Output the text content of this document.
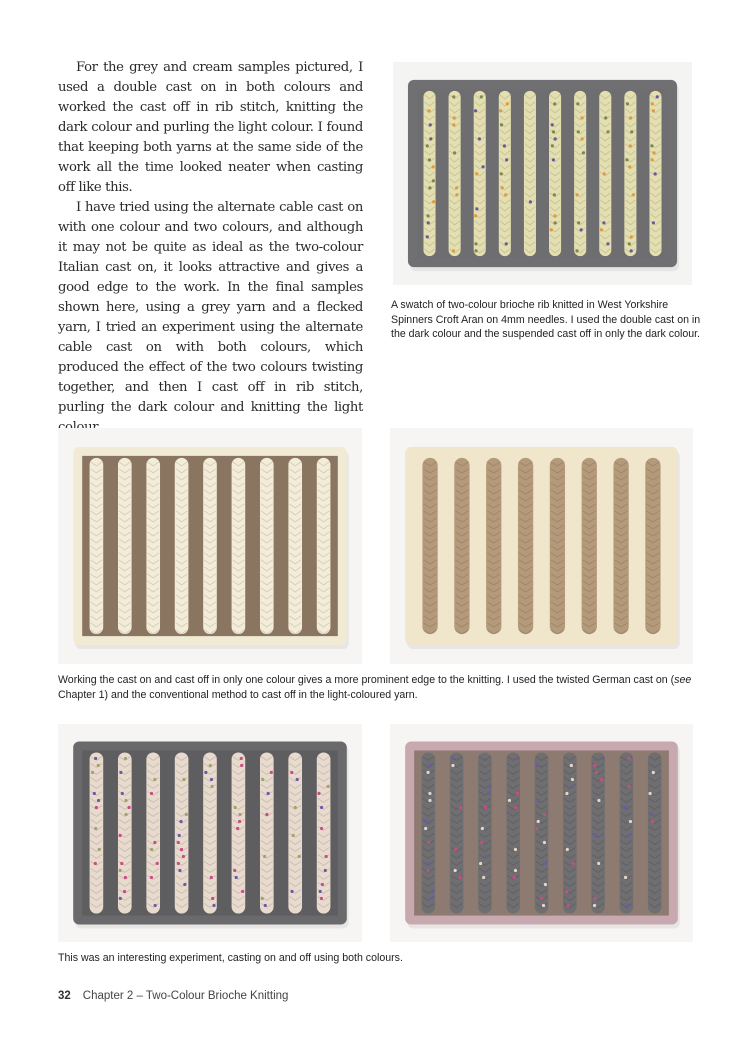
For the grey and cream samples pictured, I used a double cast on in both colours and worked the cast off in rib stitch, knitting the dark colour and purling the light colour. I found that keeping both yarns at the same side of the work all the time looked neater when casting off like this.

I have tried using the alternate cable cast on with one colour and two colours, and although it may not be quite as ideal as the two-colour Italian cast on, it looks attractive and gives a good edge to the work. In the final samples shown here, using a grey yarn and a flecked yarn, I tried an experiment using the alternate cable cast on with both colours, which produced the effect of the two colours twisting together, and then I cast off in rib stitch, purling the dark colour and knitting the light

A swatch of two-colour brioche rib knitted in West Yorkshire Spinners Croft Aran on 4mm needles. I used the double cast on in the dark colour and the suspended cast off in only the dark colour.
Working the cast on and cast off in only one colour gives a more prominent edge to the knitting. I used the twisted German cast on (see Chapter 1) and the conventional method to cast off in the light-coloured yarn.
This was an interesting experiment, casting on and off using both colours.
32 Chapter 2 – Two-Colour Brioche Knitting
